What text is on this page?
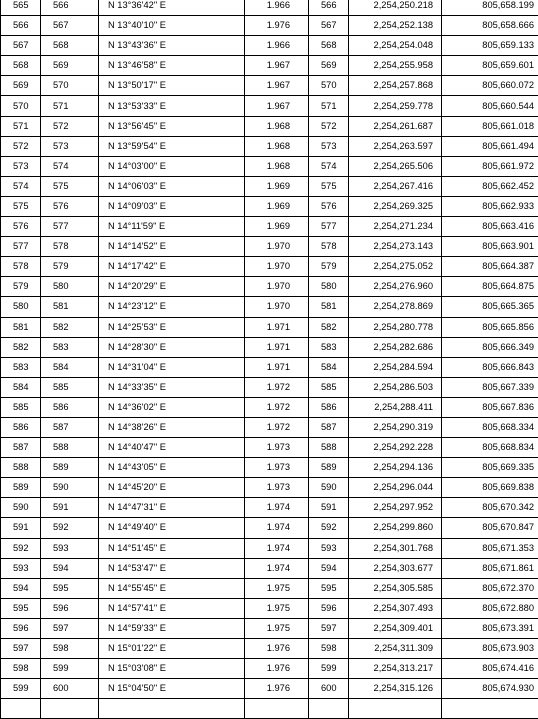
565	566	N 13°36'42" E	1.966	566	2,254,250.218	805,658.199
566	567	N 13°40'10" E	1.976	567	2,254,252.138	805,658.666
567	568	N 13°43'36" E	1.966	568	2,254,254.048	805,659.133
568	569	N 13°46'58" E	1.967	569	2,254,255.958	805,659.601
569	570	N 13°50'17" E	1.967	570	2,254,257.868	805,660.072
570	571	N 13°53'33" E	1.967	571	2,254,259.778	805,660.544
571	572	N 13°56'45" E	1.968	572	2,254,261.687	805,661.018
572	573	N 13°59'54" E	1.968	573	2,254,263.597	805,661.494
573	574	N 14°03'00" E	1.968	574	2,254,265.506	805,661.972
574	575	N 14°06'03" E	1.969	575	2,254,267.416	805,662.452
575	576	N 14°09'03" E	1.969	576	2,254,269.325	805,662.933
576	577	N 14°11'59" E	1.969	577	2,254,271.234	805,663.416
577	578	N 14°14'52" E	1.970	578	2,254,273.143	805,663.901
578	579	N 14°17'42" E	1.970	579	2,254,275.052	805,664.387
579	580	N 14°20'29" E	1.970	580	2,254,276.960	805,664.875
580	581	N 14°23'12" E	1.970	581	2,254,278.869	805,665.365
581	582	N 14°25'53" E	1.971	582	2,254,280.778	805,665.856
582	583	N 14°28'30" E	1.971	583	2,254,282.686	805,666.349
583	584	N 14°31'04" E	1.971	584	2,254,284.594	805,666.843
584	585	N 14°33'35" E	1.972	585	2,254,286.503	805,667.339
585	586	N 14°36'02" E	1.972	586	2,254,288.411	805,667.836
586	587	N 14°38'26" E	1.972	587	2,254,290.319	805,668.334
587	588	N 14°40'47" E	1.973	588	2,254,292.228	805,668.834
588	589	N 14°43'05" E	1.973	589	2,254,294.136	805,669.335
589	590	N 14°45'20" E	1.973	590	2,254,296.044	805,669.838
590	591	N 14°47'31" E	1.974	591	2,254,297.952	805,670.342
591	592	N 14°49'40" E	1.974	592	2,254,299.860	805,670.847
592	593	N 14°51'45" E	1.974	593	2,254,301.768	805,671.353
593	594	N 14°53'47" E	1.974	594	2,254,303.677	805,671.861
594	595	N 14°55'45" E	1.975	595	2,254,305.585	805,672.370
595	596	N 14°57'41" E	1.975	596	2,254,307.493	805,672.880
596	597	N 14°59'33" E	1.975	597	2,254,309.401	805,673.391
597	598	N 15°01'22" E	1.976	598	2,254,311.309	805,673.903
598	599	N 15°03'08" E	1.976	599	2,254,313.217	805,674.416
599	600	N 15°04'50" E	1.976	600	2,254,315.126	805,674.930
